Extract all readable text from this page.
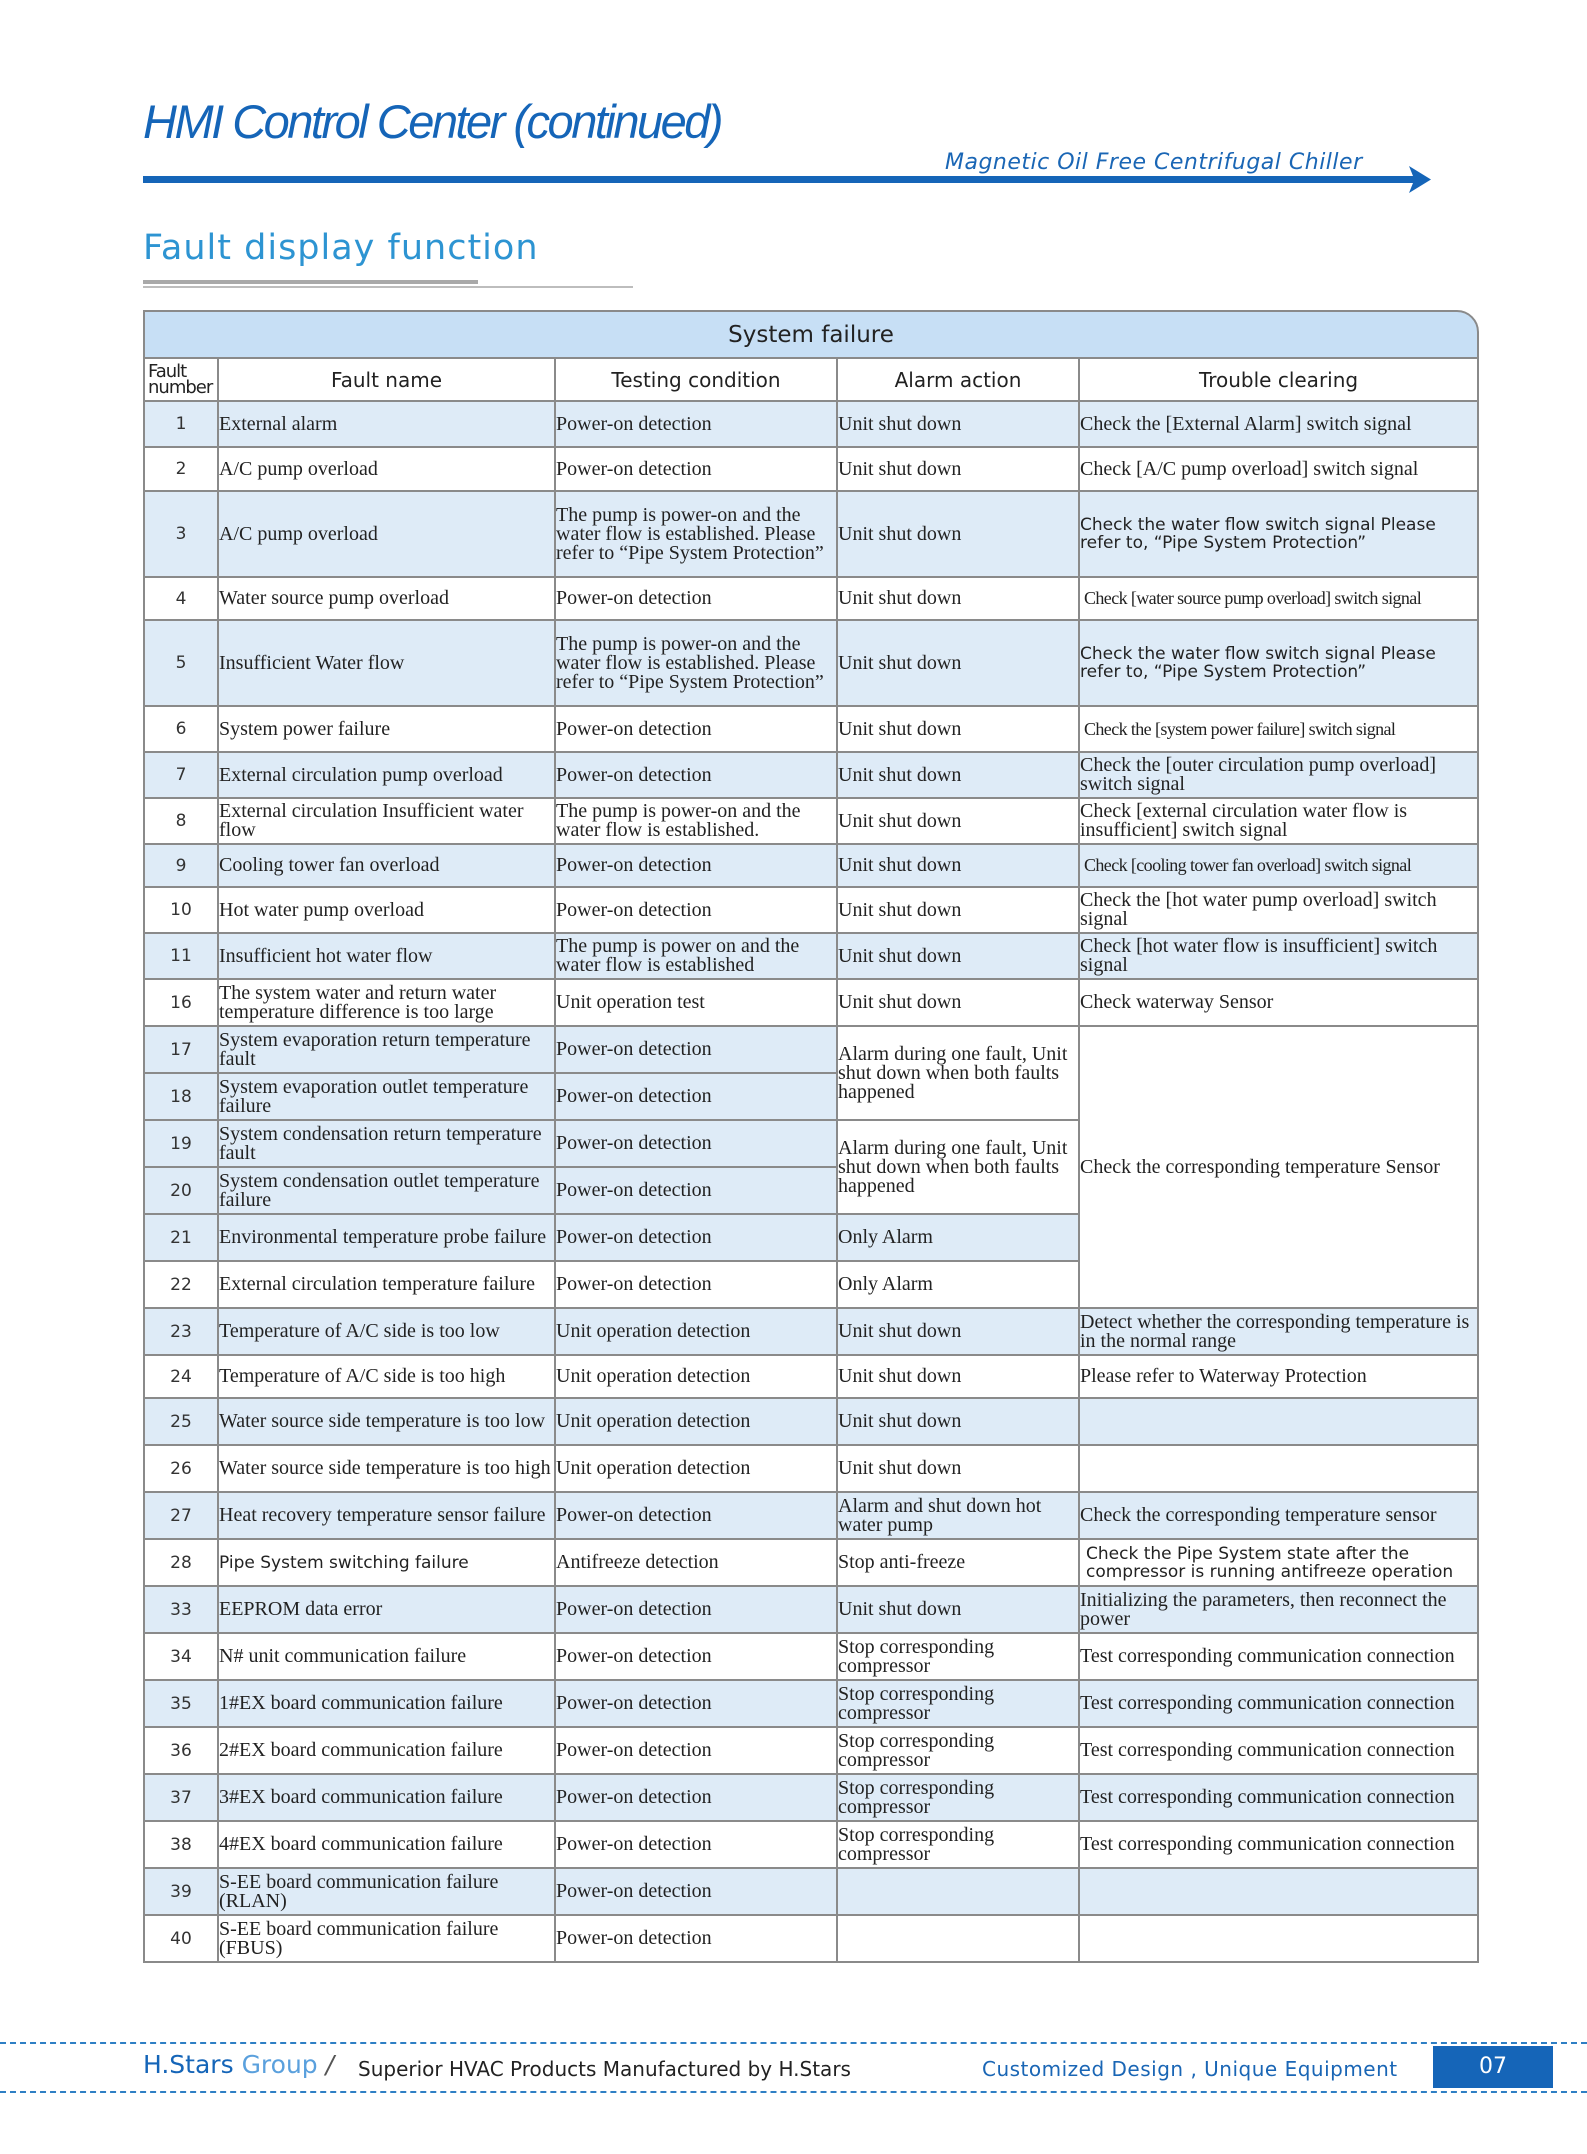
HMI Control Center (continued)
Magnetic Oil Free Centrifugal Chiller
Fault display function
System failure				
Fault
number	Fault name	Testing condition	Alarm action	Trouble clearing
1	External alarm	Power-on detection	Unit shut down	Check the [External Alarm] switch signal
2	A/C pump overload	Power-on detection	Unit shut down	Check [A/C pump overload] switch signal
3	A/C pump overload	The pump is power-on and the water flow is established. Please refer to “Pipe System Protection”	Unit shut down	Check the water flow switch signal Please refer to, “Pipe System Protection”
4	Water source pump overload	Power-on detection	Unit shut down	Check [water source pump overload] switch signal
5	Insufficient Water flow	The pump is power-on and the water flow is established. Please refer to “Pipe System Protection”	Unit shut down	Check the water flow switch signal Please refer to, “Pipe System Protection”
6	System power failure	Power-on detection	Unit shut down	Check the [system power failure] switch signal
7	External circulation pump overload	Power-on detection	Unit shut down	Check the [outer circulation pump overload] switch signal
8	External circulation Insufficient water flow	The pump is power-on and the water flow is established.	Unit shut down	Check [external circulation water flow is insufficient] switch signal
9	Cooling tower fan overload	Power-on detection	Unit shut down	Check [cooling tower fan overload] switch signal
10	Hot water pump overload	Power-on detection	Unit shut down	Check the [hot water pump overload] switch signal
11	Insufficient hot water flow	The pump is power on and the water flow is established	Unit shut down	Check [hot water flow is insufficient] switch signal
16	The system water and return water temperature difference is too large	Unit operation test	Unit shut down	Check waterway Sensor
17	System evaporation return temperature fault	Power-on detection	Alarm during one fault, Unit shut down when both faults happened	Check the corresponding temperature Sensor
18	System evaporation outlet temperature failure	Power-on detection		
19	System condensation return temperature fault	Power-on detection	Alarm during one fault, Unit shut down when both faults happened	
20	System condensation outlet temperature failure	Power-on detection		
21	Environmental temperature probe failure	Power-on detection	Only Alarm	
22	External circulation temperature failure	Power-on detection	Only Alarm	
23	Temperature of A/C side is too low	Unit operation detection	Unit shut down	Detect whether the corresponding temperature is in the normal range
24	Temperature of A/C side is too high	Unit operation detection	Unit shut down	Please refer to Waterway Protection
25	Water source side temperature is too low	Unit operation detection	Unit shut down	
26	Water source side temperature is too high	Unit operation detection	Unit shut down	
27	Heat recovery temperature sensor failure	Power-on detection	Alarm and shut down hot water pump	Check the corresponding temperature sensor
28	Pipe System switching failure	Antifreeze detection	Stop anti-freeze	Check the Pipe System state after the compressor is running antifreeze operation
33	EEPROM data error	Power-on detection	Unit shut down	Initializing the parameters, then reconnect the power
34	N# unit communication failure	Power-on detection	Stop corresponding compressor	Test corresponding communication connection
35	1#EX board communication failure	Power-on detection	Stop corresponding compressor	Test corresponding communication connection
36	2#EX board communication failure	Power-on detection	Stop corresponding compressor	Test corresponding communication connection
37	3#EX board communication failure	Power-on detection	Stop corresponding compressor	Test corresponding communication connection
38	4#EX board communication failure	Power-on detection	Stop corresponding compressor	Test corresponding communication connection
39	S-EE board communication failure (RLAN)	Power-on detection		
40	S-EE board communication failure (FBUS)	Power-on detection		
H.Stars Group / Superior HVAC Products Manufactured by H.Stars	Customized Design , Unique Equipment	07
